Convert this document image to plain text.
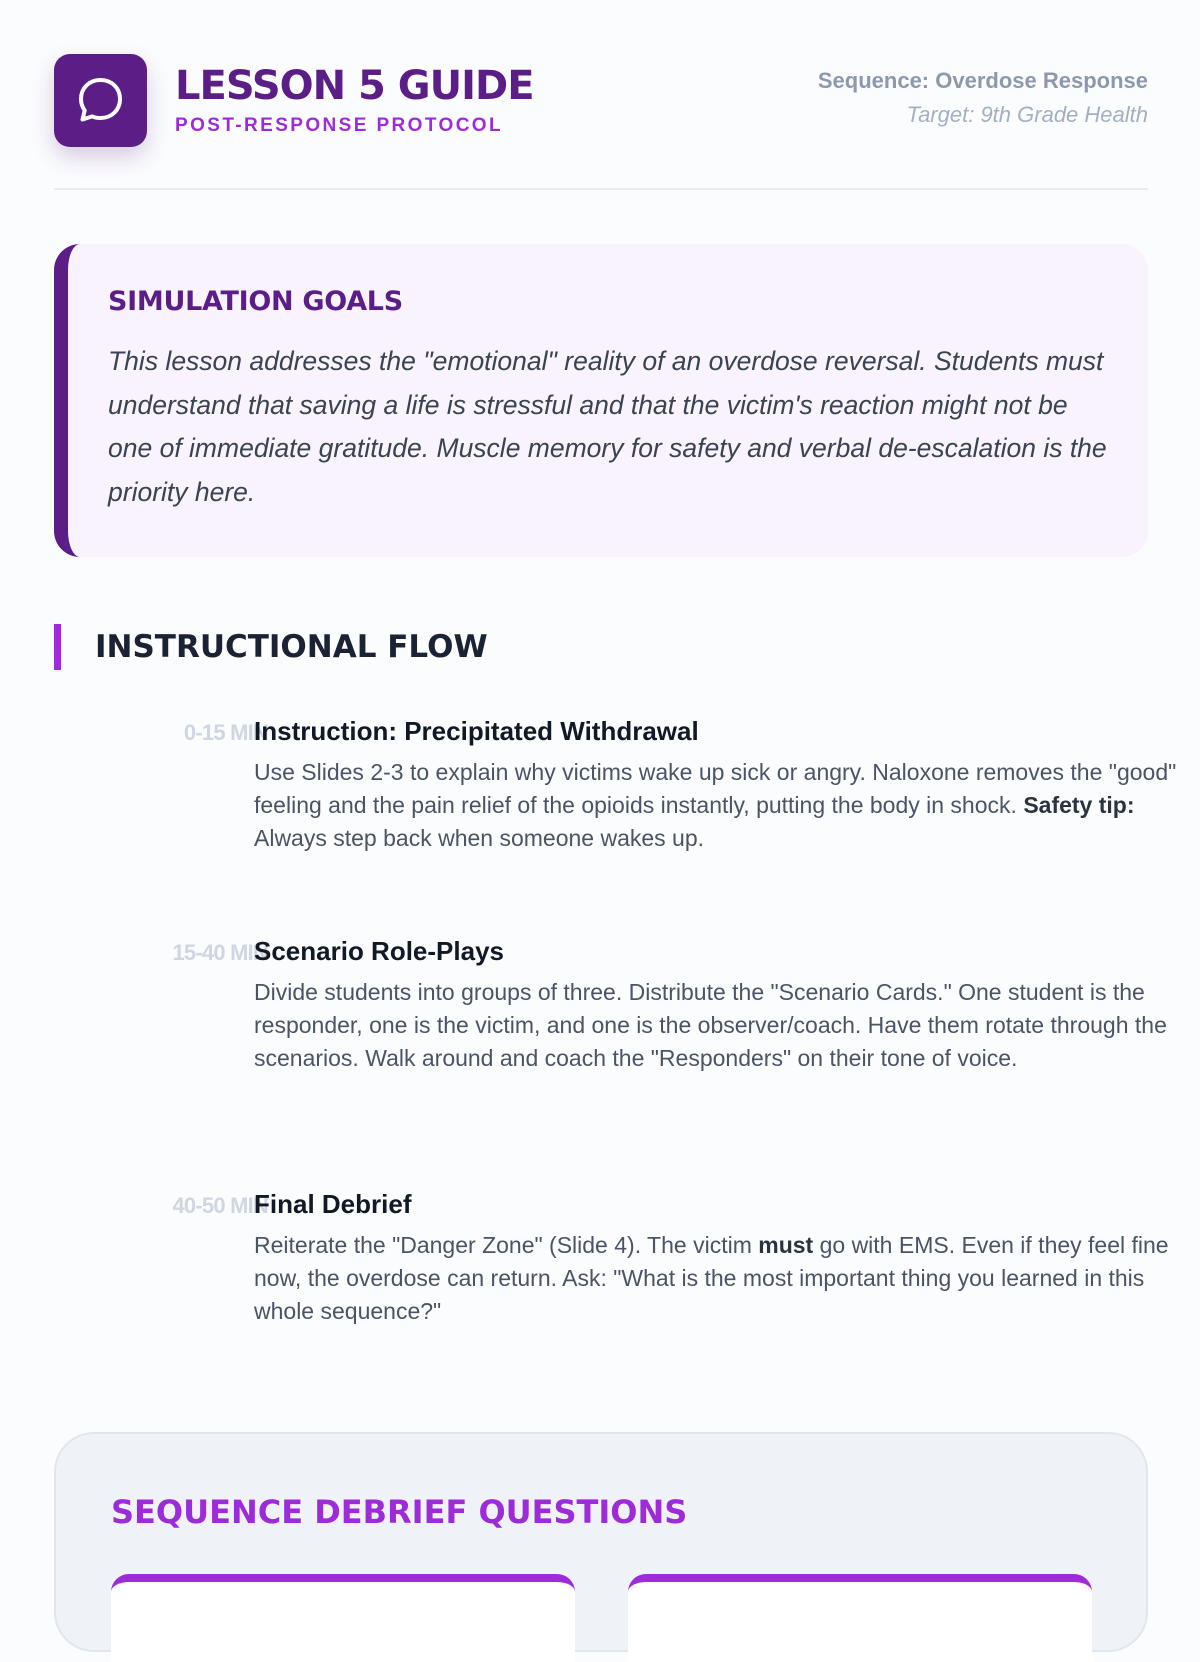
LESSON 5 GUIDE
POST-RESPONSE PROTOCOL
Sequence: Overdose Response
Target: 9th Grade Health
SIMULATION GOALS

This lesson addresses the "emotional" reality of an overdose reversal. Students must understand that saving a life is stressful and that the victim's reaction might not be one of immediate gratitude. Muscle memory for safety and verbal de-escalation is the priority here.

INSTRUCTIONAL FLOW
0-15 MIN
Instruction: Precipitated Withdrawal

Use Slides 2-3 to explain why victims wake up sick or angry. Naloxone removes the "good" feeling and the pain relief of the opioids instantly, putting the body in shock. Safety tip: Always step back when someone wakes up.

15-40 MIN
Scenario Role-Plays

Divide students into groups of three. Distribute the "Scenario Cards." One student is the responder, one is the victim, and one is the observer/coach. Have them rotate through the scenarios. Walk around and coach the "Responders" on their tone of voice.

40-50 MIN
Final Debrief

Reiterate the "Danger Zone" (Slide 4). The victim must go with EMS. Even if they feel fine now, the overdose can return. Ask: "What is the most important thing you learned in this whole sequence?"

SEQUENCE DEBRIEF QUESTIONS
